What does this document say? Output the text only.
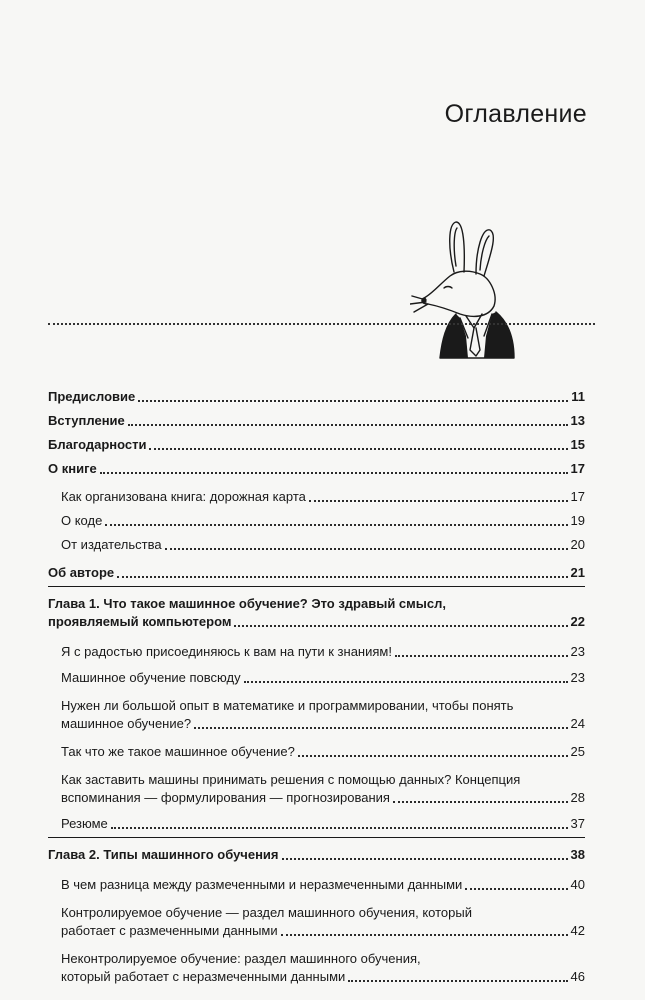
Оглавление
Предисловие	11
Вступление	13
Благодарности	15
О книге	17
Как организована книга: дорожная карта	17
О коде	19
От издательства	20
Об авторе	21
Глава 1. Что такое машинное обучение? Это здравый смысл,
проявляемый компьютером	22
Я с радостью присоединяюсь к вам на пути к знаниям!	23
Машинное обучение повсюду	23
Нужен ли большой опыт в математике и программировании, чтобы понять
машинное обучение?	24
Так что же такое машинное обучение?	25
Как заставить машины принимать решения с помощью данных? Концепция
вспоминания — формулирования — прогнозирования	28
Резюме	37
Глава 2. Типы машинного обучения	38
В чем разница между размеченными и неразмеченными данными	40
Контролируемое обучение — раздел машинного обучения, который
работает с размеченными данными	42
Неконтролируемое обучение: раздел машинного обучения,
который работает с неразмеченными данными	46
